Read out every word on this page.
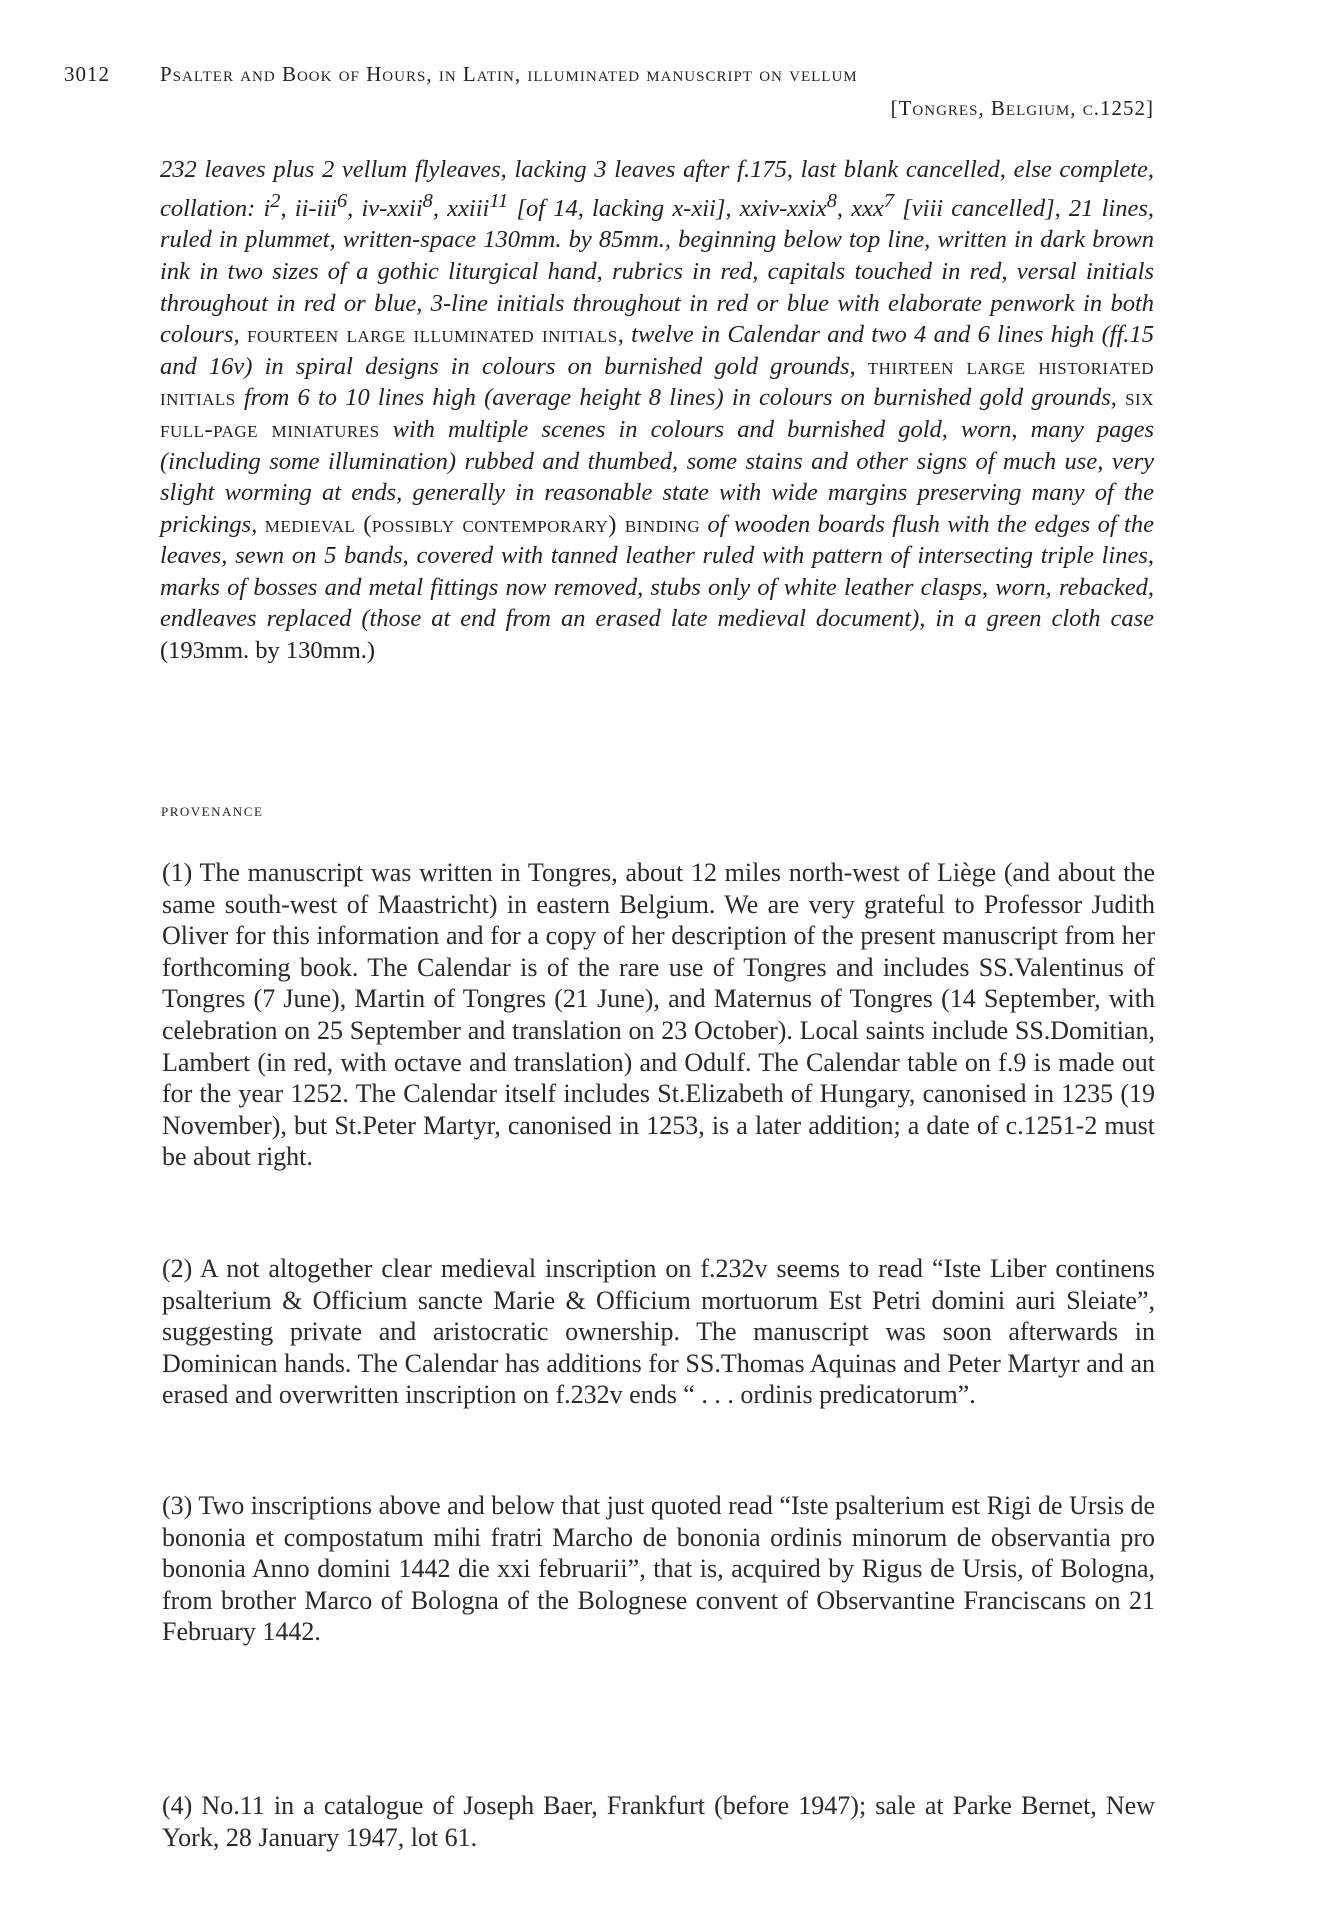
3012 Psalter and Book of Hours, in Latin, illuminated manuscript on vellum
[Tongres, Belgium, c.1252]

232 leaves plus 2 vellum flyleaves, lacking 3 leaves after f.175, last blank cancelled, else complete, collation: $i^2$, ii-iii$^6$, iv-xxii$^8$, xxiii$^{11}$ [of 14, lacking x-xii], xxiv-xxix$^8$, xxx$^7$ [viii cancelled], 21 lines, ruled in plummet, written-space 130mm. by 85mm., beginning below top line, written in dark brown ink in two sizes of a gothic liturgical hand, rubrics in red, capitals touched in red, versal initials throughout in red or blue, 3-line initials throughout in red or blue with elaborate penwork in both colours, fourteen large illuminated initials, twelve in Calendar and two 4 and 6 lines high (ff.15 and 16v) in spiral designs in colours on burnished gold grounds, thirteen large historiated initials from 6 to 10 lines high (average height 8 lines) in colours on burnished gold grounds, six full-page miniatures with multiple scenes in colours and burnished gold, worn, many pages (including some illumination) rubbed and thumbed, some stains and other signs of much use, very slight worming at ends, generally in reasonable state with wide margins preserving many of the prickings, medieval (possibly contemporary) binding of wooden boards flush with the edges of the leaves, sewn on 5 bands, covered with tanned leather ruled with pattern of intersecting triple lines, marks of bosses and metal fittings now removed, stubs only of white leather clasps, worn, rebacked, endleaves replaced (those at end from an erased late medieval document), in a green cloth case (193mm. by 130mm.)

provenance

(1) The manuscript was written in Tongres, about 12 miles north-west of Liège (and about the same south-west of Maastricht) in eastern Belgium. We are very grateful to Professor Judith Oliver for this information and for a copy of her description of the present manuscript from her forthcoming book. The Calendar is of the rare use of Tongres and includes SS.Valentinus of Tongres (7 June), Martin of Tongres (21 June), and Maternus of Tongres (14 September, with celebration on 25 September and translation on 23 October). Local saints include SS.Domitian, Lambert (in red, with octave and translation) and Odulf. The Calendar table on f.9 is made out for the year 1252. The Calendar itself includes St.Elizabeth of Hungary, canonised in 1235 (19 November), but St.Peter Martyr, canonised in 1253, is a later addition; a date of c.1251-2 must be about right.

(2) A not altogether clear medieval inscription on f.232v seems to read “Iste Liber continens psalterium & Officium sancte Marie & Officium mortuorum Est Petri domini auri Sleiate”, suggesting private and aristocratic ownership. The manuscript was soon afterwards in Dominican hands. The Calendar has additions for SS.Thomas Aquinas and Peter Martyr and an erased and overwritten inscription on f.232v ends “ . . . ordinis predicatorum”.

(3) Two inscriptions above and below that just quoted read “Iste psalterium est Rigi de Ursis de bononia et compostatum mihi fratri Marcho de bononia ordinis minorum de observantia pro bononia Anno domini 1442 die xxi februarii”, that is, acquired by Rigus de Ursis, of Bologna, from brother Marco of Bologna of the Bolognese convent of Observantine Franciscans on 21 February 1442.

(4) No.11 in a catalogue of Joseph Baer, Frankfurt (before 1947); sale at Parke Bernet, New York, 28 January 1947, lot 61.
